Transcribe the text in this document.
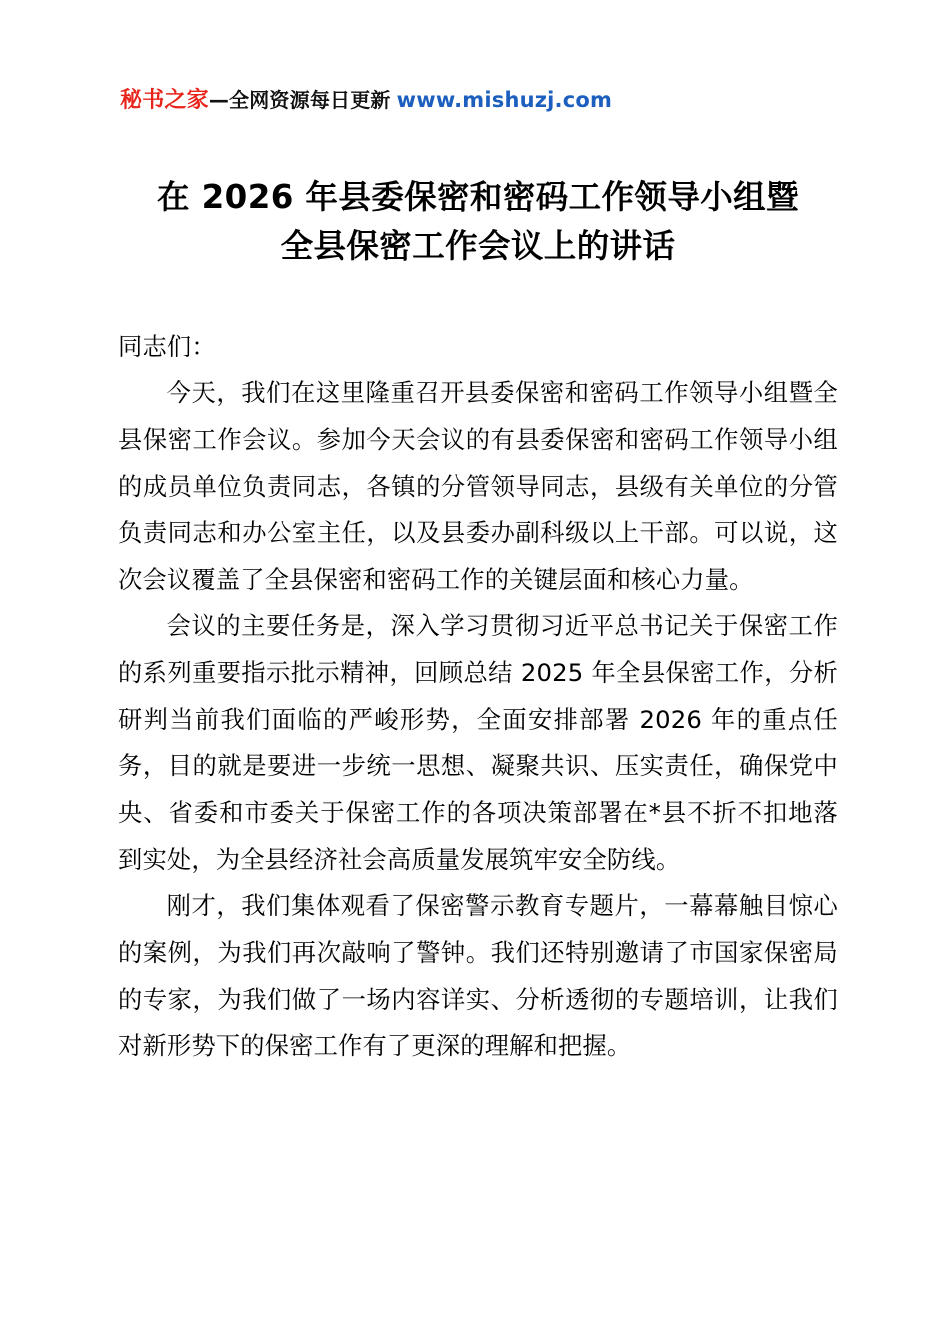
秘书之家—全网资源每日更新 www.mishuzj.com
在 2026 年县委保密和密码工作领导小组暨
全县保密工作会议上的讲话

同志们：

今天，我们在这里隆重召开县委保密和密码工作领导小组暨全县保密工作会议。参加今天会议的有县委保密和密码工作领导小组的成员单位负责同志，各镇的分管领导同志，县级有关单位的分管负责同志和办公室主任，以及县委办副科级以上干部。可以说，这次会议覆盖了全县保密和密码工作的关键层面和核心力量。

会议的主要任务是，深入学习贯彻习近平总书记关于保密工作的系列重要指示批示精神，回顾总结 2025 年全县保密工作，分析研判当前我们面临的严峻形势，全面安排部署 2026 年的重点任务，目的就是要进一步统一思想、凝聚共识、压实责任，确保党中央、省委和市委关于保密工作的各项决策部署在*县不折不扣地落到实处，为全县经济社会高质量发展筑牢安全防线。

刚才，我们集体观看了保密警示教育专题片，一幕幕触目惊心的案例，为我们再次敲响了警钟。我们还特别邀请了市国家保密局的专家，为我们做了一场内容详实、分析透彻的专题培训，让我们对新形势下的保密工作有了更深的理解和把握。
